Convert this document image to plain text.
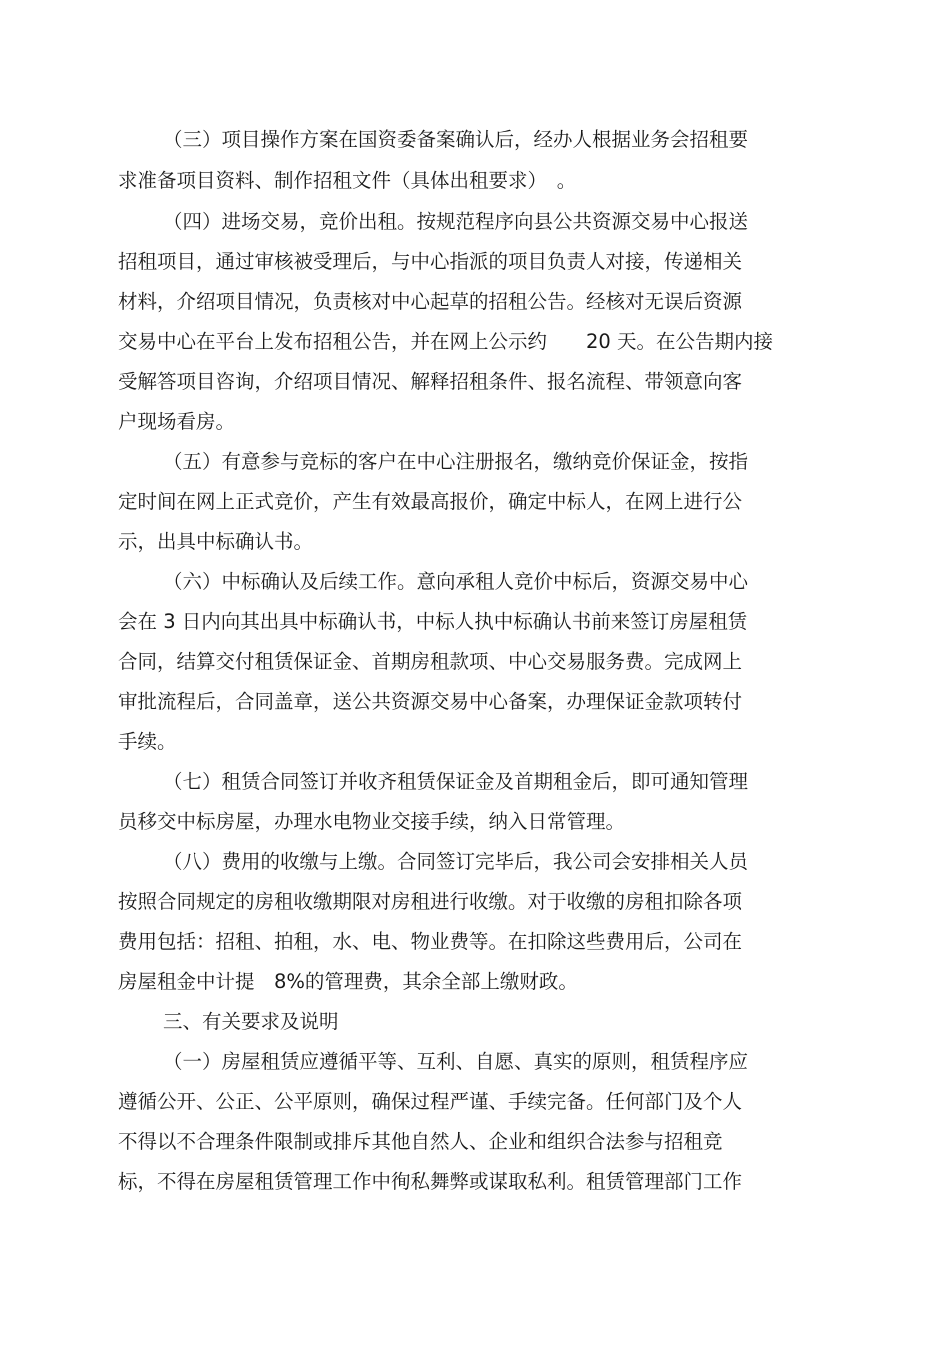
（三）项目操作方案在国资委备案确认后，经办人根据业务会招租要
求准备项目资料、制作招租文件（具体出租要求）　。
（四）进场交易，竞价出租。按规范程序向县公共资源交易中心报送
招租项目，通过审核被受理后，与中心指派的项目负责人对接，传递相关
材料，介绍项目情况，负责核对中心起草的招租公告。经核对无误后资源
交易中心在平台上发布招租公告，并在网上公示约　　20 天。在公告期内接
受解答项目咨询，介绍项目情况、解释招租条件、报名流程、带领意向客
户现场看房。
（五）有意参与竞标的客户在中心注册报名，缴纳竞价保证金，按指
定时间在网上正式竞价，产生有效最高报价，确定中标人，在网上进行公
示，出具中标确认书。
（六）中标确认及后续工作。意向承租人竞价中标后，资源交易中心
会在 3 日内向其出具中标确认书，中标人执中标确认书前来签订房屋租赁
合同，结算交付租赁保证金、首期房租款项、中心交易服务费。完成网上
审批流程后，合同盖章，送公共资源交易中心备案，办理保证金款项转付
手续。
（七）租赁合同签订并收齐租赁保证金及首期租金后，即可通知管理
员移交中标房屋，办理水电物业交接手续，纳入日常管理。
（八）费用的收缴与上缴。合同签订完毕后，我公司会安排相关人员
按照合同规定的房租收缴期限对房租进行收缴。对于收缴的房租扣除各项
费用包括：招租、拍租，水、电、物业费等。在扣除这些费用后，公司在
房屋租金中计提　8%的管理费，其余全部上缴财政。
三、有关要求及说明
（一）房屋租赁应遵循平等、互利、自愿、真实的原则，租赁程序应
遵循公开、公正、公平原则，确保过程严谨、手续完备。任何部门及个人
不得以不合理条件限制或排斥其他自然人、企业和组织合法参与招租竞
标，不得在房屋租赁管理工作中徇私舞弊或谋取私利。租赁管理部门工作
